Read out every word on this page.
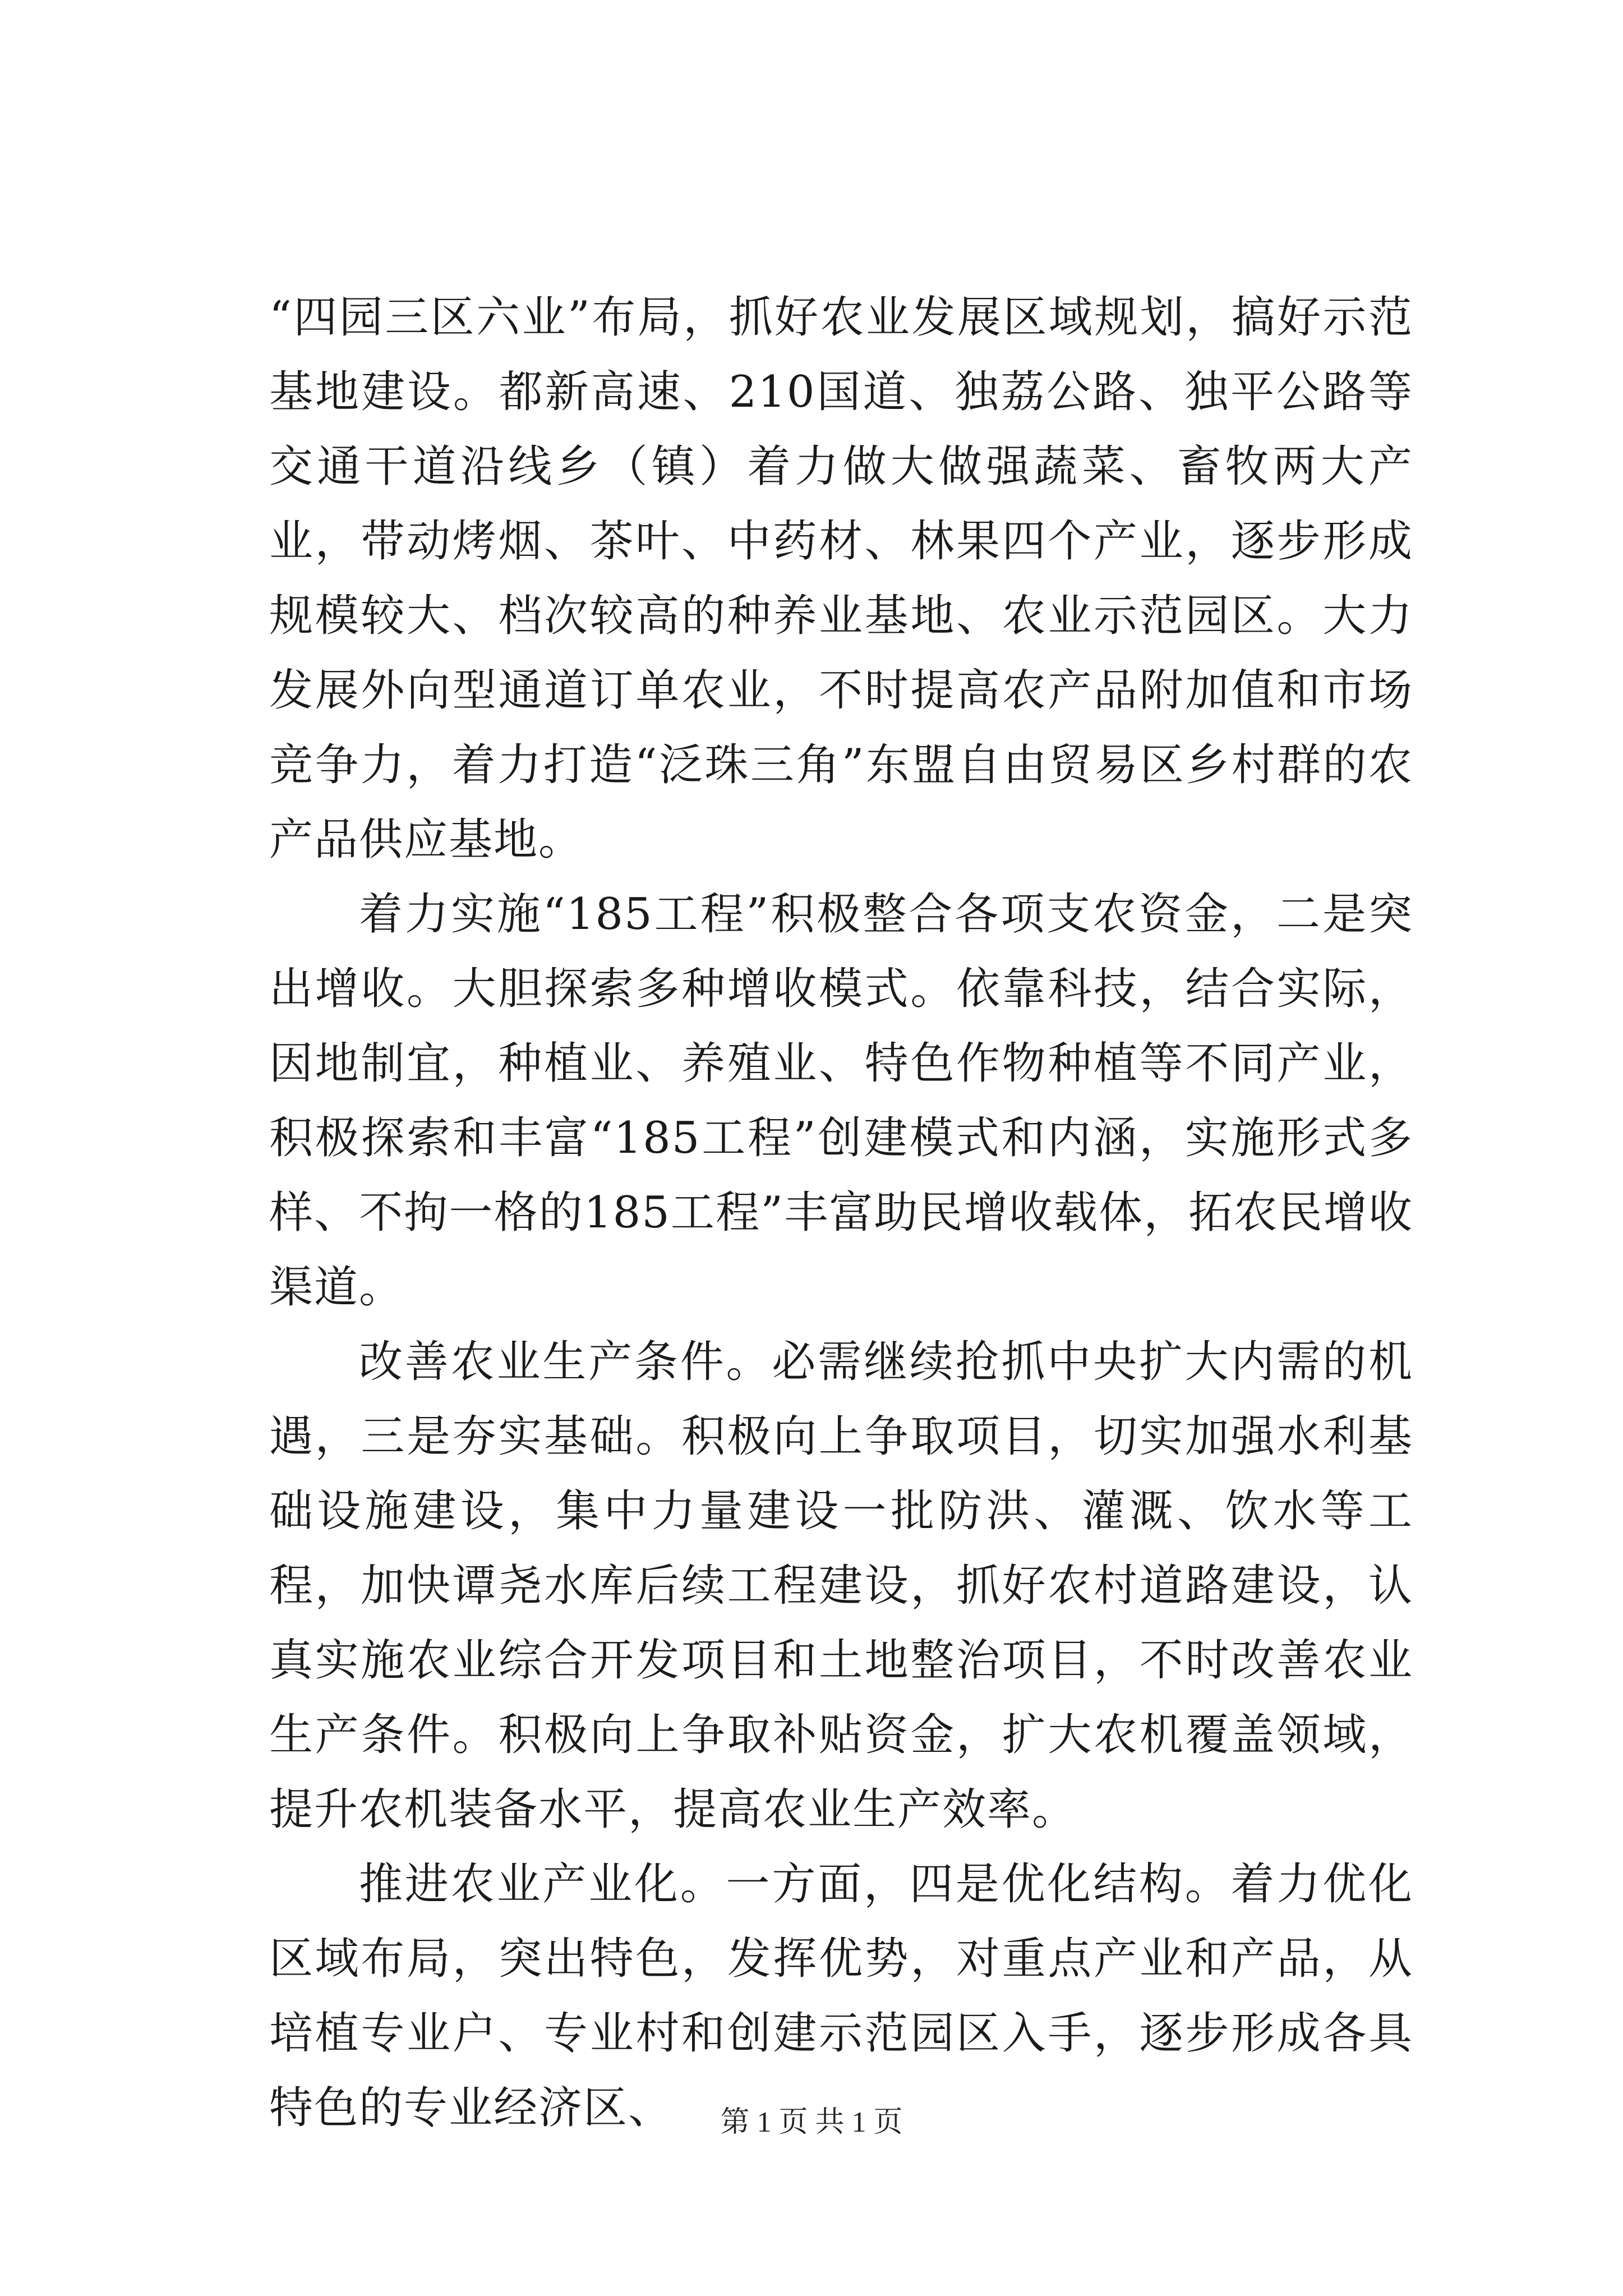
“四园三区六业”布局，抓好农业发展区域规划，搞好示范基地建设。都新高速、210国道、独荔公路、独平公路等交通干道沿线乡（镇）着力做大做强蔬菜、畜牧两大产业，带动烤烟、茶叶、中药材、林果四个产业，逐步形成规模较大、档次较高的种养业基地、农业示范园区。大力发展外向型通道订单农业，不时提高农产品附加值和市场竞争力，着力打造“泛珠三角”东盟自由贸易区乡村群的农产品供应基地。

着力实施“185工程”积极整合各项支农资金，二是突出增收。大胆探索多种增收模式。依靠科技，结合实际，因地制宜，种植业、养殖业、特色作物种植等不同产业，积极探索和丰富“185工程”创建模式和内涵，实施形式多样、不拘一格的185工程”丰富助民增收载体，拓农民增收渠道。

改善农业生产条件。必需继续抢抓中央扩大内需的机遇，三是夯实基础。积极向上争取项目，切实加强水利基础设施建设，集中力量建设一批防洪、灌溉、饮水等工程，加快谭尧水库后续工程建设，抓好农村道路建设，认真实施农业综合开发项目和土地整治项目，不时改善农业生产条件。积极向上争取补贴资金，扩大农机覆盖领域，提升农机装备水平，提高农业生产效率。

推进农业产业化。一方面，四是优化结构。着力优化区域布局，突出特色，发挥优势，对重点产业和产品，从培植专业户、专业村和创建示范园区入手，逐步形成各具特色的专业经济区、	第 1 页 共 1 页
